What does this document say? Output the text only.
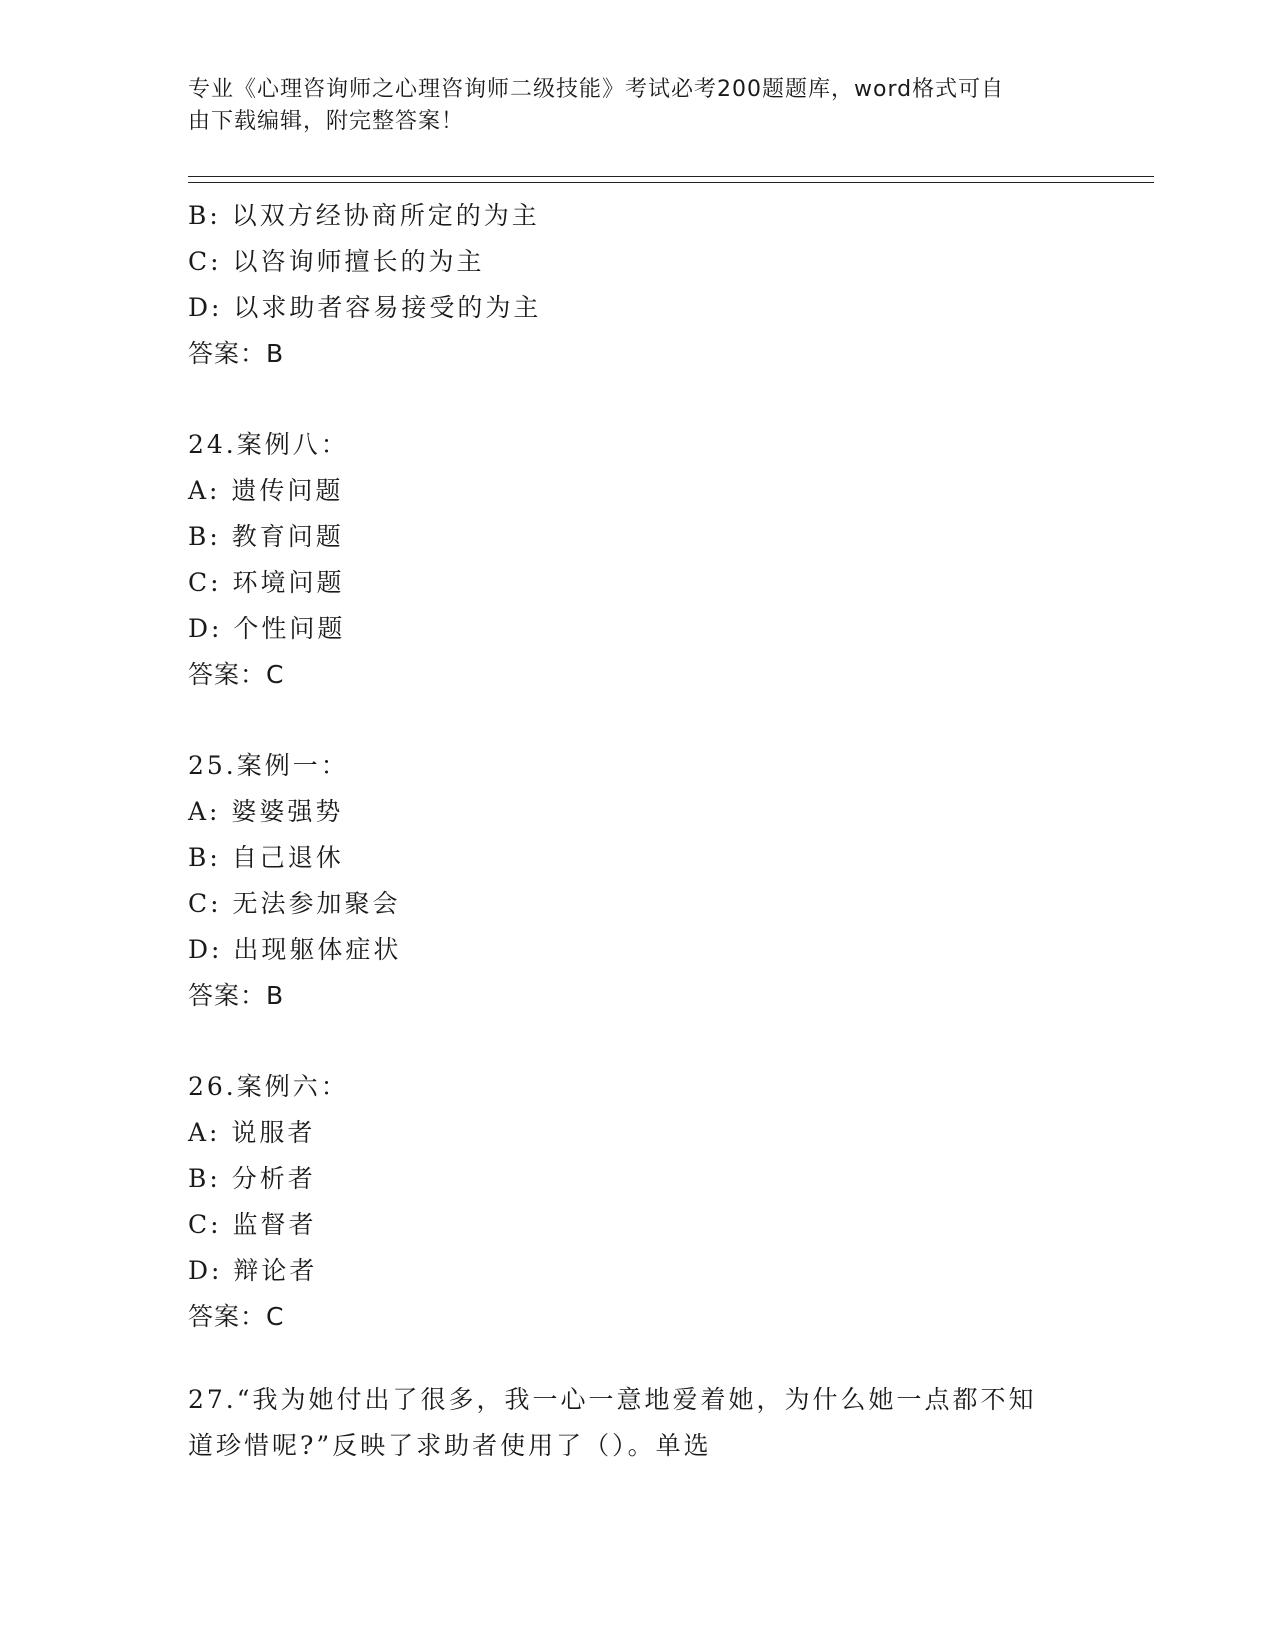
专业《心理咨询师之心理咨询师二级技能》考试必考200题题库，word格式可自
由下载编辑，附完整答案！
B: 以双方经协商所定的为主
C: 以咨询师擅长的为主
D: 以求助者容易接受的为主
答案：B
24.案例八：
A: 遗传问题
B: 教育问题
C: 环境问题
D: 个性问题
答案：C
25.案例一：
A: 婆婆强势
B: 自己退休
C: 无法参加聚会
D: 出现躯体症状
答案：B
26.案例六：
A: 说服者
B: 分析者
C: 监督者
D: 辩论者
答案：C
27.“我为她付出了很多，我一心一意地爱着她，为什么她一点都不知
道珍惜呢?”反映了求助者使用了（）。单选
